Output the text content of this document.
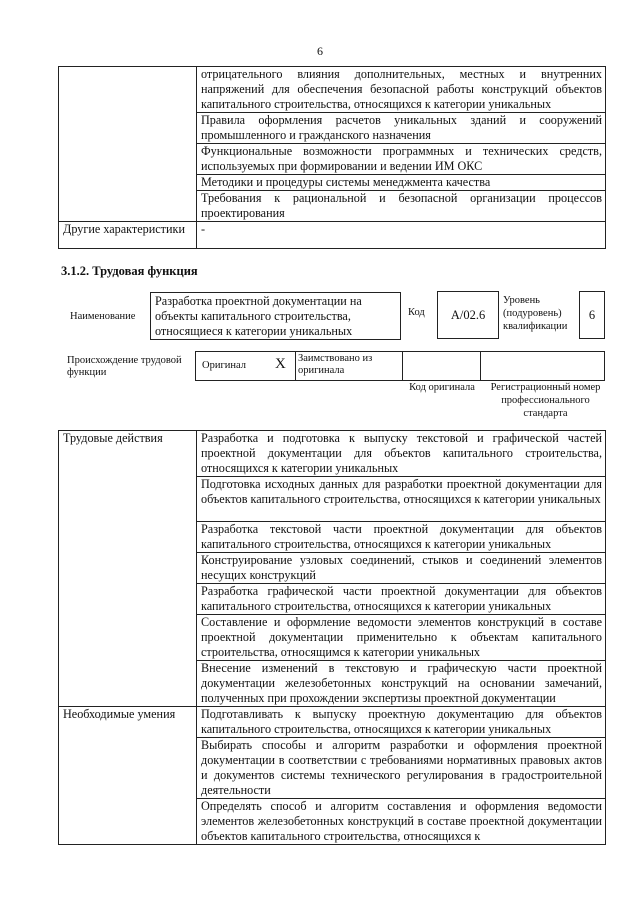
6
	отрицательного влияния дополнительных, местных и внутренних напряжений для обеспечения безопасной работы конструкций объектов капитального строительства, относящихся к категории уникальных
	Правила оформления расчетов уникальных зданий и сооружений промышленного и гражданского назначения
	Функциональные возможности программных и технических средств, используемых при формировании и ведении ИМ ОКС
	Методики и процедуры системы менеджмента качества
	Требования к рациональной и безопасной организации процессов проектирования
Другие характеристики	-
3.1.2. Трудовая функция
Наименование
Разработка проектной документации на объекты капитального строительства, относящиеся к категории уникальных
Код	A/02.6
Уровень (подуровень) квалификации
6
Происхождение трудовой функции
Оригинал X Заимствовано из оригинала
Код оригинала	Регистрационный номер профессионального стандарта
Трудовые действия	Разработка и подготовка к выпуску текстовой и графической частей проектной документации для объектов капитального строительства, относящихся к категории уникальных
	Подготовка исходных данных для разработки проектной документации для объектов капитального строительства, относящихся к категории уникальных
	Разработка текстовой части проектной документации для объектов капитального строительства, относящихся к категории уникальных
	Конструирование узловых соединений, стыков и соединений элементов несущих конструкций
	Разработка графической части проектной документации для объектов капитального строительства, относящихся к категории уникальных
	Составление и оформление ведомости элементов конструкций в составе проектной документации применительно к объектам капитального строительства, относящимся к категории уникальных
	Внесение изменений в текстовую и графическую части проектной документации железобетонных конструкций на основании замечаний, полученных при прохождении экспертизы проектной документации
Необходимые умения	Подготавливать к выпуску проектную документацию для объектов капитального строительства, относящихся к категории уникальных
	Выбирать способы и алгоритм разработки и оформления проектной документации в соответствии с требованиями нормативных правовых актов и документов системы технического регулирования в градостроительной деятельности
	Определять способ и алгоритм составления и оформления ведомости элементов железобетонных конструкций в составе проектной документации объектов капитального строительства, относящихся к
